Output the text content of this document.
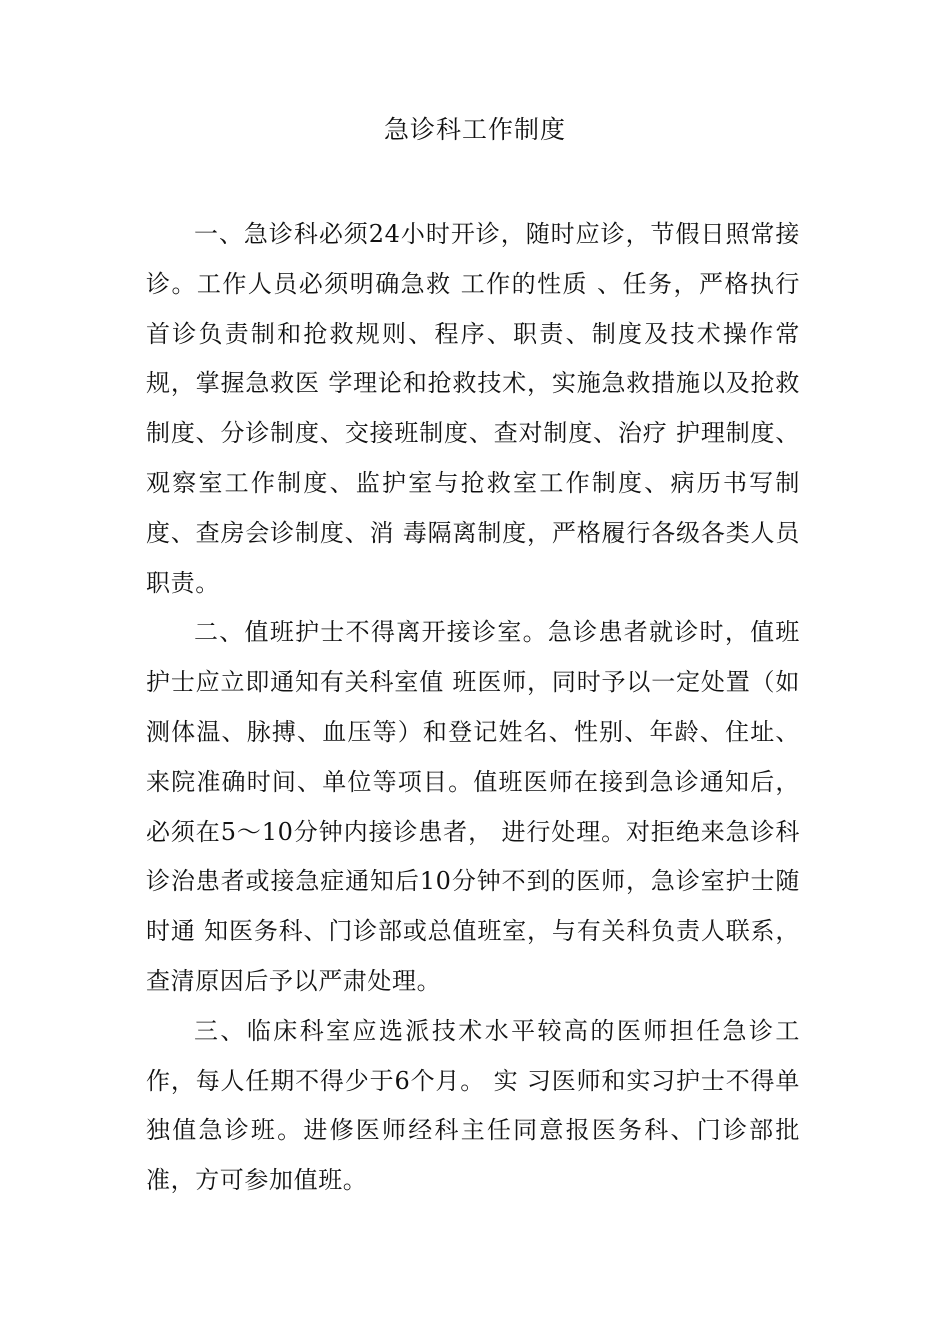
急诊科工作制度

一、急诊科必须24小时开诊，随时应诊，节假日照常接诊。工作人员必须明确急救 工作的性质 、任务，严格执行首诊负责制和抢救规则、程序、职责、制度及技术操作常规，掌握急救医 学理论和抢救技术，实施急救措施以及抢救制度、分诊制度、交接班制度、查对制度、治疗 护理制度、观察室工作制度、监护室与抢救室工作制度、病历书写制度、查房会诊制度、消 毒隔离制度，严格履行各级各类人员职责。

二、值班护士不得离开接诊室。急诊患者就诊时，值班护士应立即通知有关科室值 班医师，同时予以一定处置（如测体温、脉搏、血压等）和登记姓名、性别、年龄、住址、 来院准确时间、单位等项目。值班医师在接到急诊通知后，必须在5～10分钟内接诊患者， 进行处理。对拒绝来急诊科诊治患者或接急症通知后10分钟不到的医师，急诊室护士随时通 知医务科、门诊部或总值班室，与有关科负责人联系，查清原因后予以严肃处理。

三、临床科室应选派技术水平较高的医师担任急诊工作，每人任期不得少于6个月。 实 习医师和实习护士不得单独值急诊班。进修医师经科主任同意报医务科、门诊部批准，方可参加值班。
